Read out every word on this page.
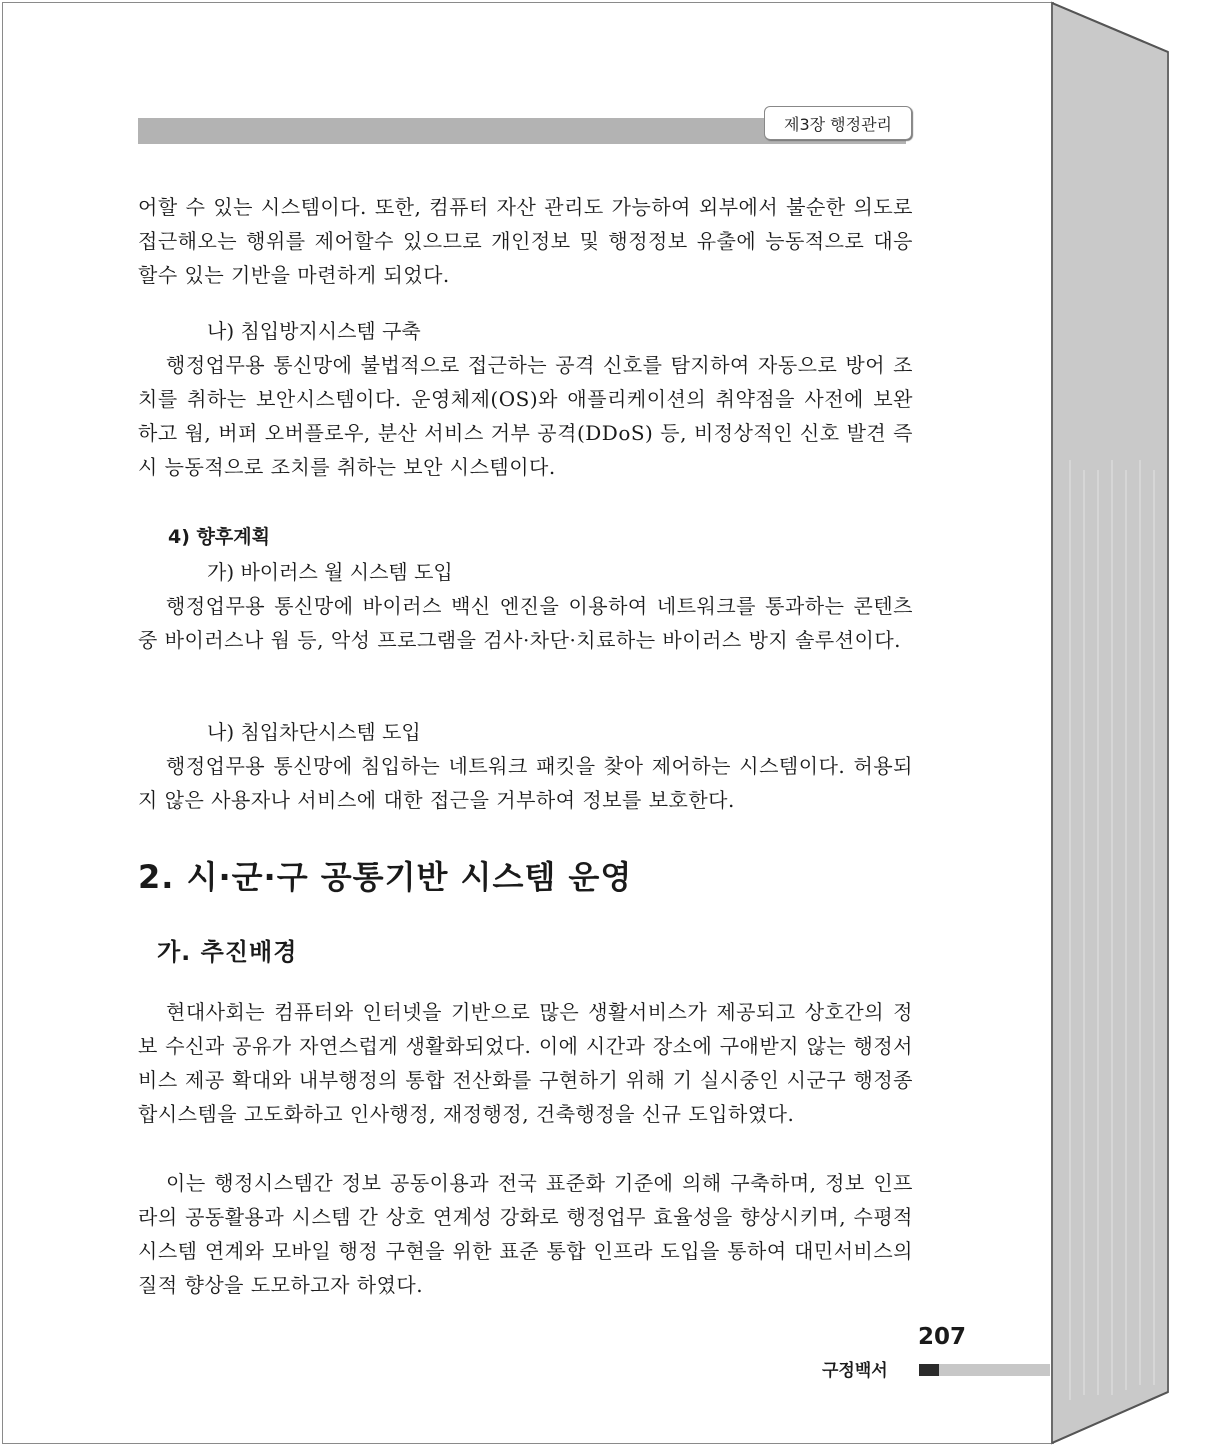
제3장 행정관리

어할 수 있는 시스템이다. 또한, 컴퓨터 자산 관리도 가능하여 외부에서 불순한 의도로 접근해오는 행위를 제어할수 있으므로 개인정보 및 행정정보 유출에 능동적으로 대응할수 있는 기반을 마련하게 되었다.

나) 침입방지시스템 구축

행정업무용 통신망에 불법적으로 접근하는 공격 신호를 탐지하여 자동으로 방어 조치를 취하는 보안시스템이다. 운영체제(OS)와 애플리케이션의 취약점을 사전에 보완하고 웜, 버퍼 오버플로우, 분산 서비스 거부 공격(DDoS) 등, 비정상적인 신호 발견 즉시 능동적으로 조치를 취하는 보안 시스템이다.

4) 향후계획

가) 바이러스 월 시스템 도입

행정업무용 통신망에 바이러스 백신 엔진을 이용하여 네트워크를 통과하는 콘텐츠 중 바이러스나 웜 등, 악성 프로그램을 검사·차단·치료하는 바이러스 방지 솔루션이다.

나) 침입차단시스템 도입

행정업무용 통신망에 침입하는 네트워크 패킷을 찾아 제어하는 시스템이다. 허용되지 않은 사용자나 서비스에 대한 접근을 거부하여 정보를 보호한다.

2. 시·군·구 공통기반 시스템 운영
가. 추진배경

현대사회는 컴퓨터와 인터넷을 기반으로 많은 생활서비스가 제공되고 상호간의 정보 수신과 공유가 자연스럽게 생활화되었다. 이에 시간과 장소에 구애받지 않는 행정서비스 제공 확대와 내부행정의 통합 전산화를 구현하기 위해 기 실시중인 시군구 행정종합시스템을 고도화하고 인사행정, 재정행정, 건축행정을 신규 도입하였다.

이는 행정시스템간 정보 공동이용과 전국 표준화 기준에 의해 구축하며, 정보 인프라의 공동활용과 시스템 간 상호 연계성 강화로 행정업무 효율성을 향상시키며, 수평적 시스템 연계와 모바일 행정 구현을 위한 표준 통합 인프라 도입을 통하여 대민서비스의 질적 향상을 도모하고자 하였다.

207
구정백서
